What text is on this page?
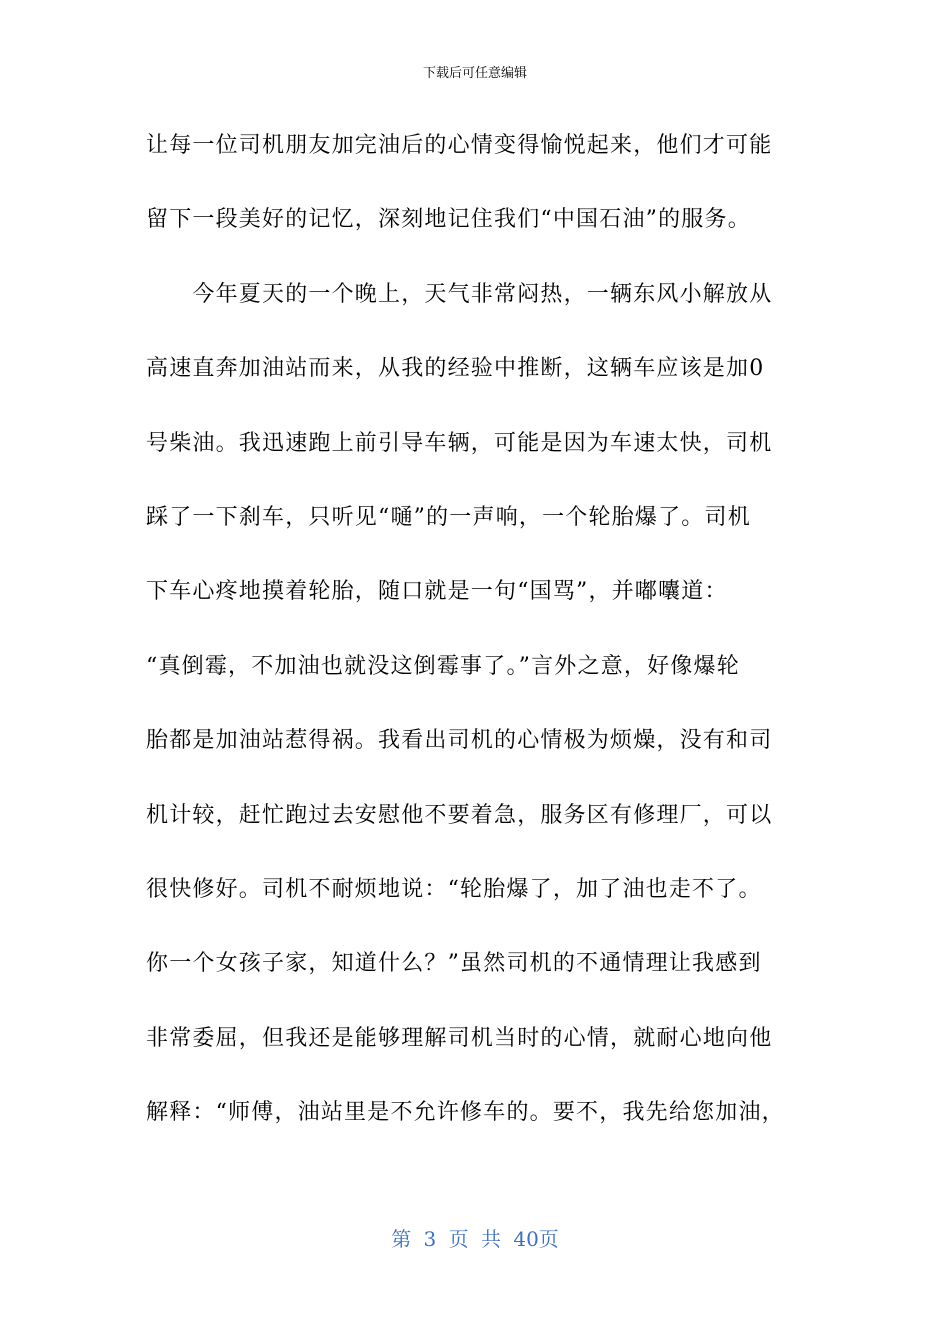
下载后可任意编辑
让每一位司机朋友加完油后的心情变得愉悦起来，他们才可能
留下一段美好的记忆，深刻地记住我们“中国石油”的服务。
　　今年夏天的一个晚上，天气非常闷热，一辆东风小解放从
高速直奔加油站而来，从我的经验中推断，这辆车应该是加0
号柴油。我迅速跑上前引导车辆，可能是因为车速太快，司机
踩了一下刹车，只听见“嗵”的一声响，一个轮胎爆了。司机
下车心疼地摸着轮胎，随口就是一句“国骂”，并嘟囔道：
“真倒霉，不加油也就没这倒霉事了。”言外之意，好像爆轮
胎都是加油站惹得祸。我看出司机的心情极为烦燥，没有和司
机计较，赶忙跑过去安慰他不要着急，服务区有修理厂，可以
很快修好。司机不耐烦地说：“轮胎爆了，加了油也走不了。
你一个女孩子家，知道什么？”虽然司机的不通情理让我感到
非常委屈，但我还是能够理解司机当时的心情，就耐心地向他
解释：“师傅，油站里是不允许修车的。要不，我先给您加油，
第 3 页 共 40页
